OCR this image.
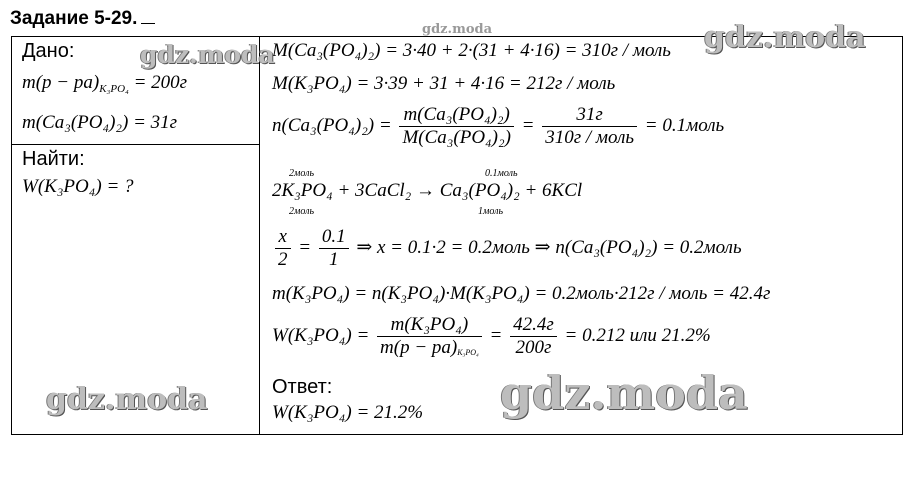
Задание 5-29.
Дано:
$m(p - pa)_{K_3PO_4} = 200г$
m(Ca₃(PO₄)₂) = 31г
Найти:
W(K₃PO₄) = ?
M(Ca₃(PO₄)₂) = 3·40 + 2·(31 + 4·16) = 310г / моль
M(K₃PO₄) = 3·39 + 31 + 4·16 = 212г / моль
$n(Ca_3(PO_4)_2) = \frac{\text{m(Ca₃(PO₄)₂)}}{\text{M(Ca₃(PO₄)₂)}} = \frac{31г}{\text{310г / моль}}$ = 0.1моль
2моль	0.1моль
2K₃PO₄ + 3CaCl₂ → Ca₃(PO₄)₂ + 6KCl
2моль	1моль
$\frac{x}{2} = \frac{0.1}{1}$ ⇒ x = 0.1·2 = 0.2моль ⇒ n(Ca₃(PO₄)₂) = 0.2моль
m(K₃PO₄) = n(K₃PO₄)·M(K₃PO₄) = 0.2моль·212г / моль = 42.4г
$W(K_3PO_4) = \frac{\text{m(K₃PO₄)}}{m(p - pa)_{K_3PO_4}} = \frac{42.4г}{200г} = 0.212$ или 21.2%
Ответ:
W(K₃PO₄) = 21.2%
gdz.moda
gdz.moda	gdz.moda
gdz.moda	gdz.moda
